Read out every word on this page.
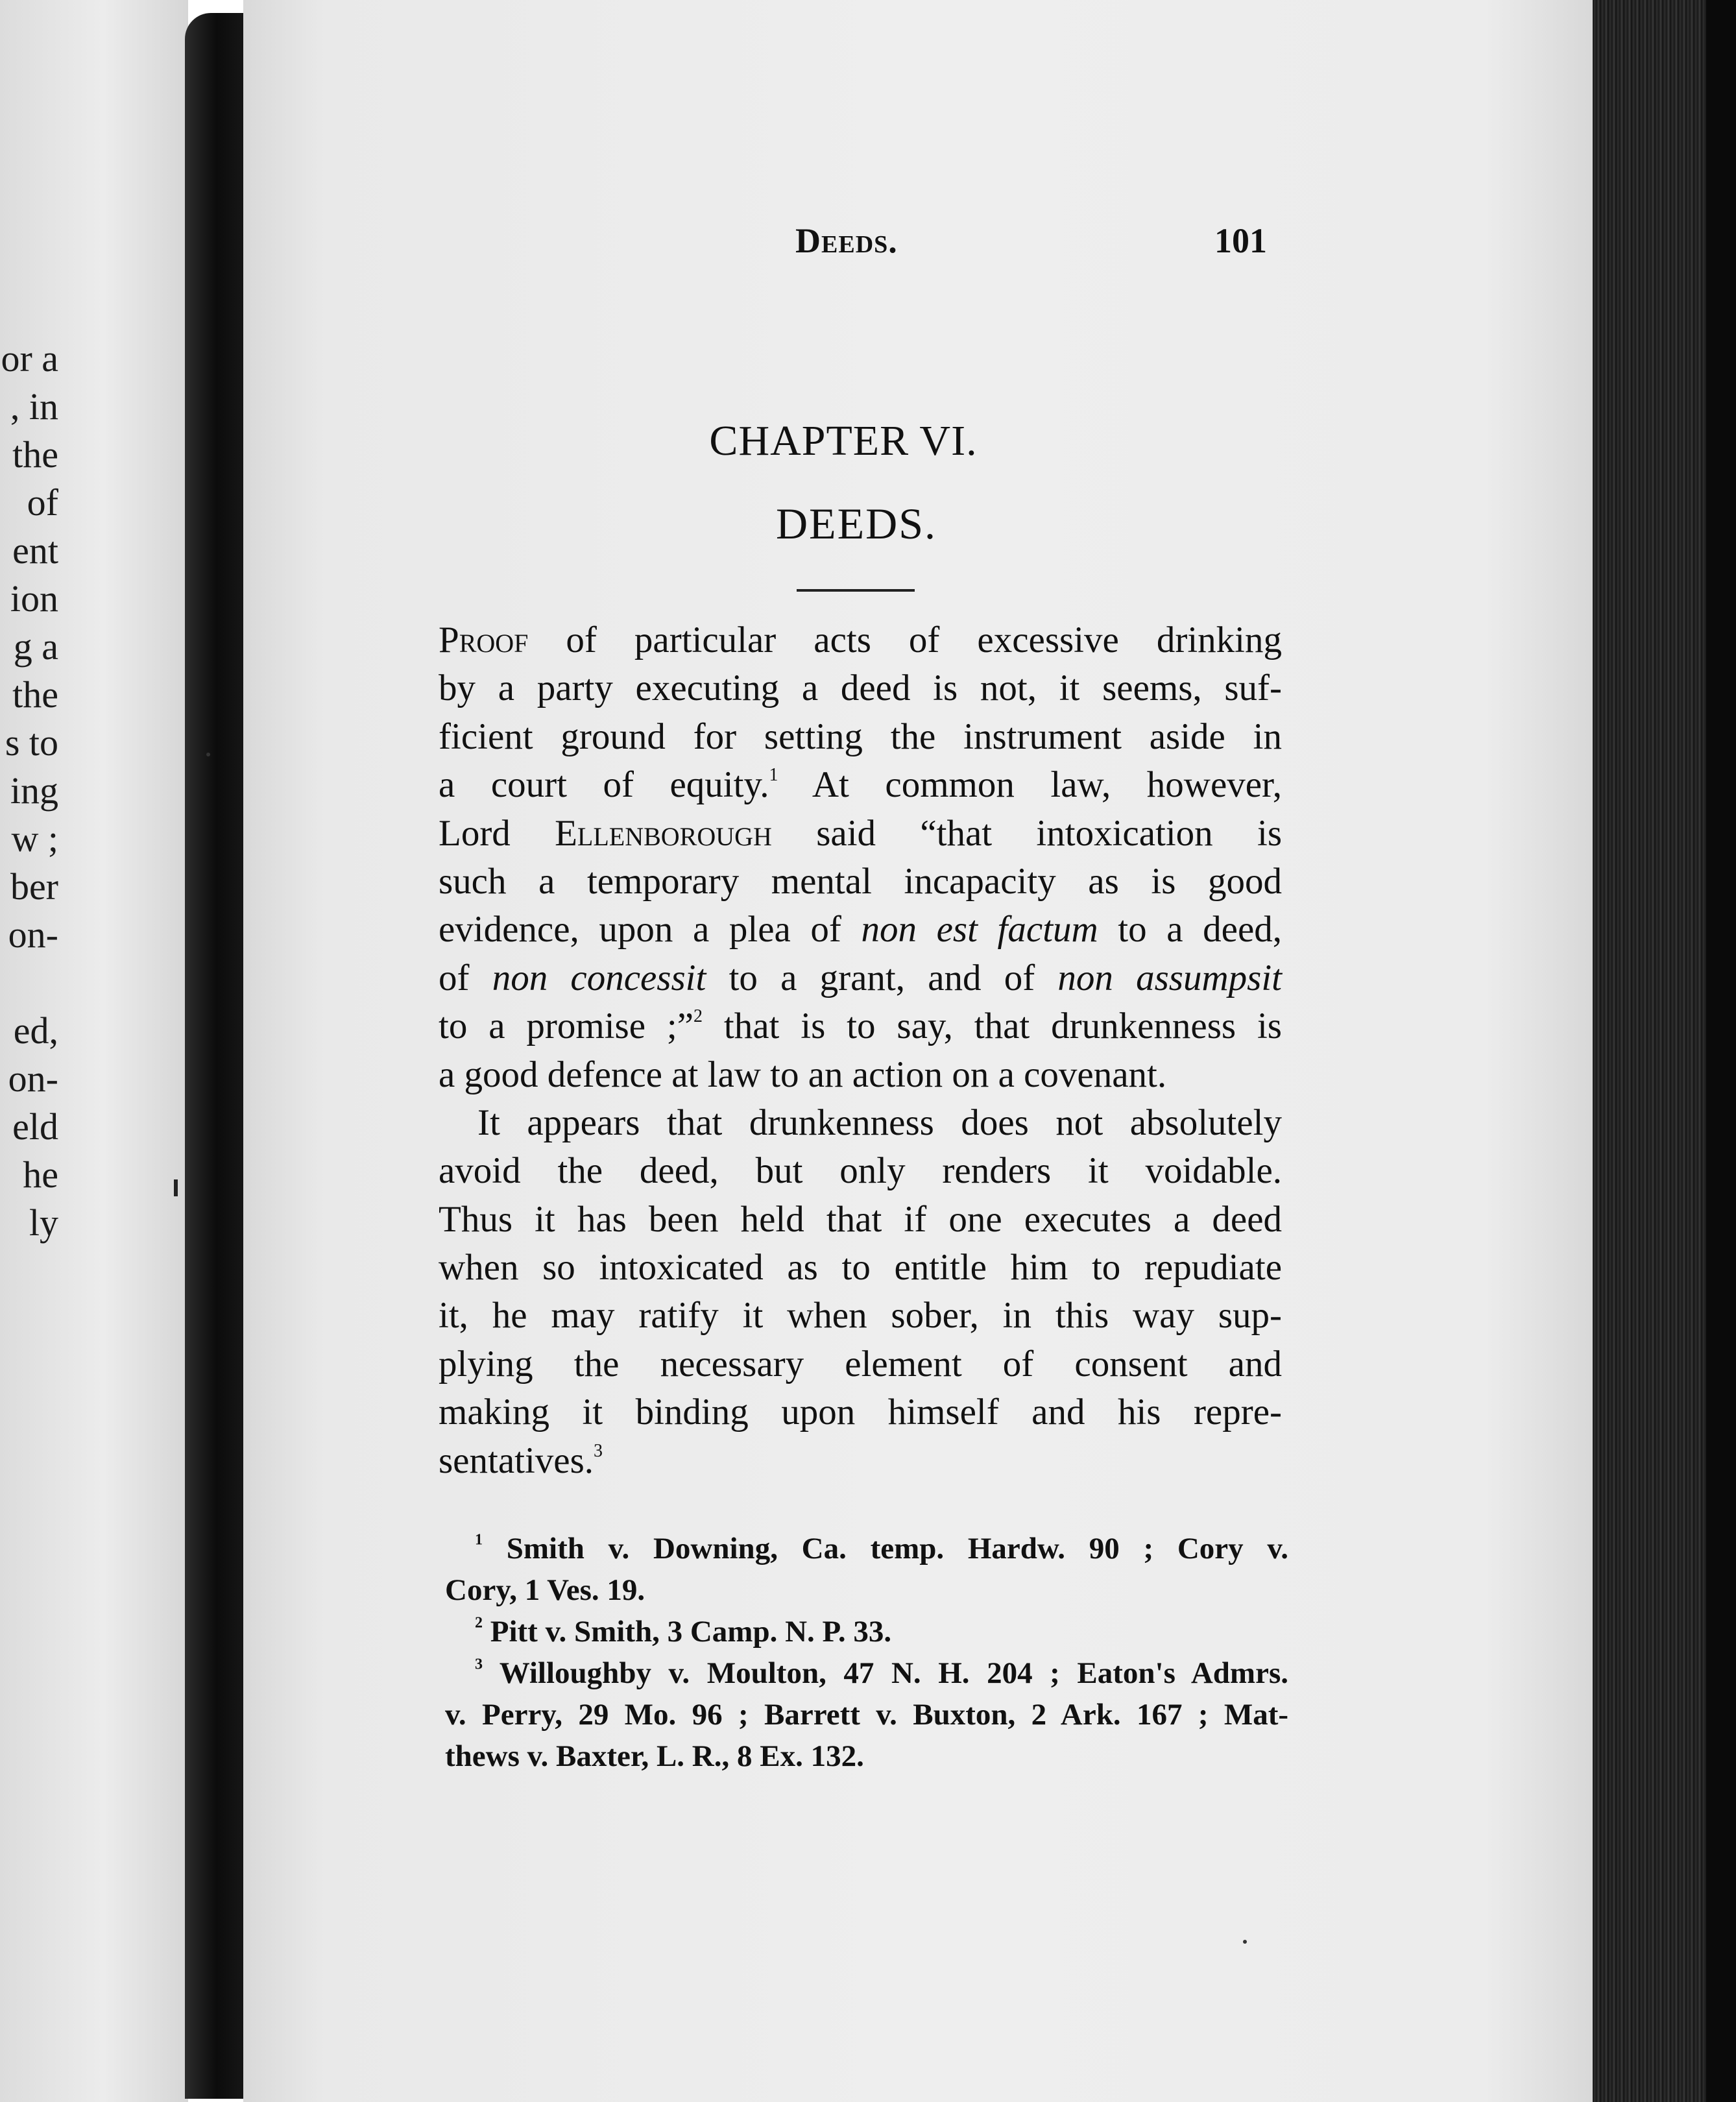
or a
, in
the
of
ent
ion
g a
the
s to
ing
w ;
ber
on-
ed,
on-
eld
he
ly
Deeds.	101
CHAPTER VI.
DEEDS.
Proof of particular acts of excessive drinking
by a party executing a deed is not, it seems, suf-
ficient ground for setting the instrument aside in
a court of equity.$^1$ At common law, however,
Lord Ellenborough said “that intoxication is
such a temporary mental incapacity as is good
evidence, upon a plea of non est factum to a deed,
of non concessit to a grant, and of non assumpsit
to a promise ;”$^2$ that is to say, that drunkenness is
a good defence at law to an action on a covenant.
It appears that drunkenness does not absolutely
avoid the deed, but only renders it voidable.
Thus it has been held that if one executes a deed
when so intoxicated as to entitle him to repudiate
it, he may ratify it when sober, in this way sup-
plying the necessary element of consent and
making it binding upon himself and his repre-
sentatives.$^3$
$^1$ Smith v. Downing, Ca. temp. Hardw. 90 ; Cory v.
Cory, 1 Ves. 19.
$^2$ Pitt v. Smith, 3 Camp. N. P. 33.
$^3$ Willoughby v. Moulton, 47 N. H. 204 ; Eaton's Admrs.
v. Perry, 29 Mo. 96 ; Barrett v. Buxton, 2 Ark. 167 ; Mat-
thews v. Baxter, L. R., 8 Ex. 132.
